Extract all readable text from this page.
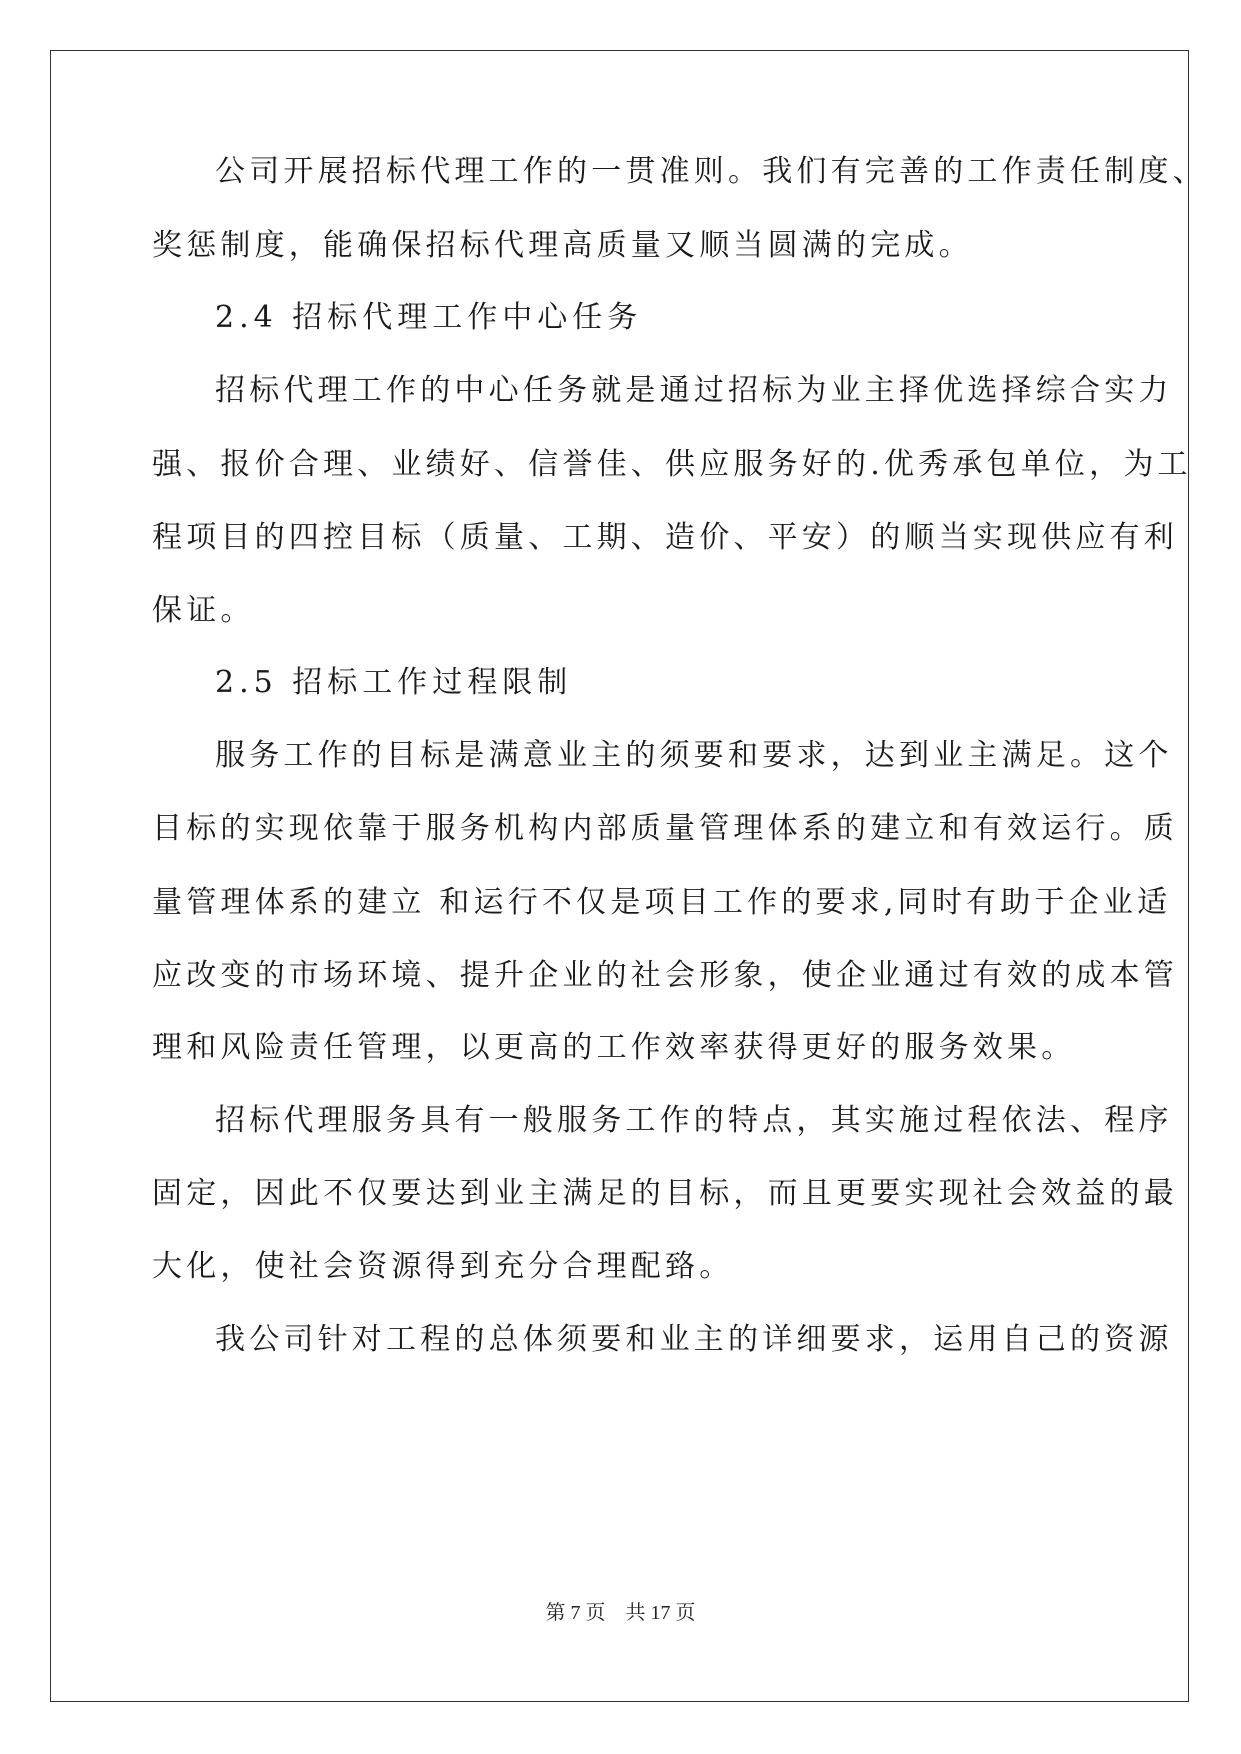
公司开展招标代理工作的一贯准则。我们有完善的工作责任制度、
奖惩制度，能确保招标代理高质量又顺当圆满的完成。
2.4 招标代理工作中心任务
招标代理工作的中心任务就是通过招标为业主择优选择综合实力
强、报价合理、业绩好、信誉佳、供应服务好的.优秀承包单位，为工
程项目的四控目标（质量、工期、造价、平安）的顺当实现供应有利
保证。
2.5 招标工作过程限制
服务工作的目标是满意业主的须要和要求，达到业主满足。这个
目标的实现依靠于服务机构内部质量管理体系的建立和有效运行。质
量管理体系的建立 和运行不仅是项目工作的要求,同时有助于企业适
应改变的市场环境、提升企业的社会形象，使企业通过有效的成本管
理和风险责任管理，以更高的工作效率获得更好的服务效果。
招标代理服务具有一般服务工作的特点，其实施过程依法、程序
固定，因此不仅要达到业主满足的目标，而且更要实现社会效益的最
大化，使社会资源得到充分合理配臵。
我公司针对工程的总体须要和业主的详细要求，运用自己的资源
第 7 页    共 17 页
